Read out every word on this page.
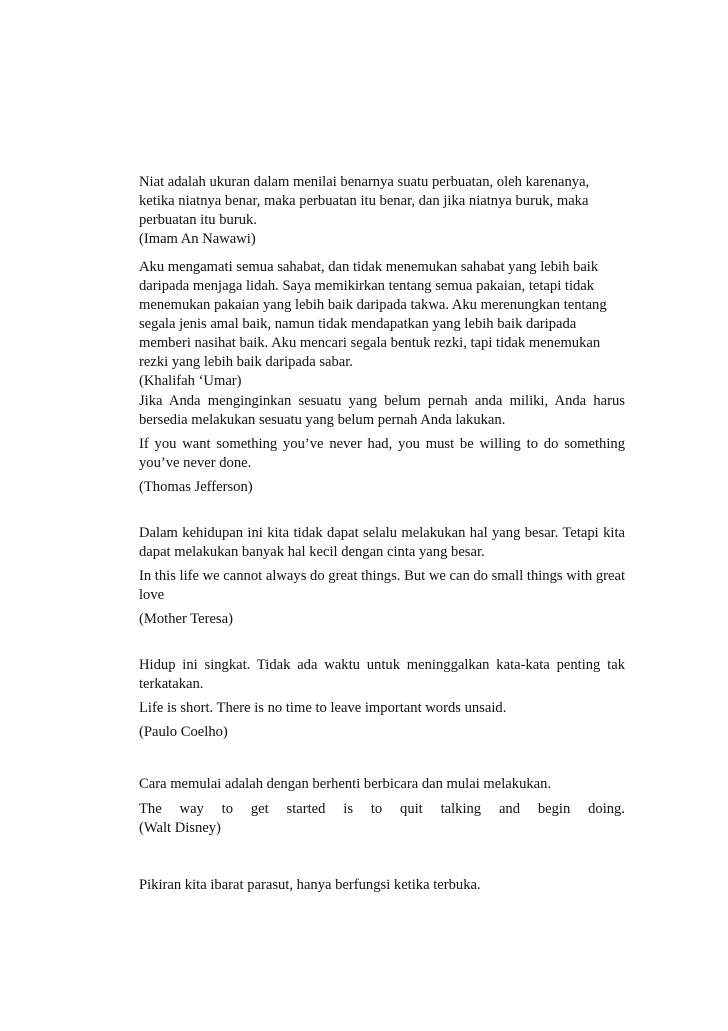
Niat adalah ukuran dalam menilai benarnya suatu perbuatan, oleh karenanya,
ketika niatnya benar, maka perbuatan itu benar, dan jika niatnya buruk, maka
perbuatan itu buruk.
(Imam An Nawawi)
Aku mengamati semua sahabat, dan tidak menemukan sahabat yang lebih baik
daripada menjaga lidah. Saya memikirkan tentang semua pakaian, tetapi tidak
menemukan pakaian yang lebih baik daripada takwa. Aku merenungkan tentang
segala jenis amal baik, namun tidak mendapatkan yang lebih baik daripada
memberi nasihat baik. Aku mencari segala bentuk rezki, tapi tidak menemukan
rezki yang lebih baik daripada sabar.
(Khalifah ‘Umar)

Jika Anda menginginkan sesuatu yang belum pernah anda miliki, Anda harus bersedia melakukan sesuatu yang belum pernah Anda lakukan.

If you want something you’ve never had, you must be willing to do something you’ve never done.

(Thomas Jefferson)

Dalam kehidupan ini kita tidak dapat selalu melakukan hal yang besar. Tetapi kita dapat melakukan banyak hal kecil dengan cinta yang besar.

In this life we cannot always do great things. But we can do small things with great love

(Mother Teresa)

Hidup ini singkat. Tidak ada waktu untuk meninggalkan kata-kata penting tak terkatakan.

Life is short. There is no time to leave important words unsaid.

(Paulo Coelho)

Cara memulai adalah dengan berhenti berbicara dan mulai melakukan.

The way to get started is to quit talking and begin doing.
(Walt Disney)

Pikiran kita ibarat parasut, hanya berfungsi ketika terbuka.
